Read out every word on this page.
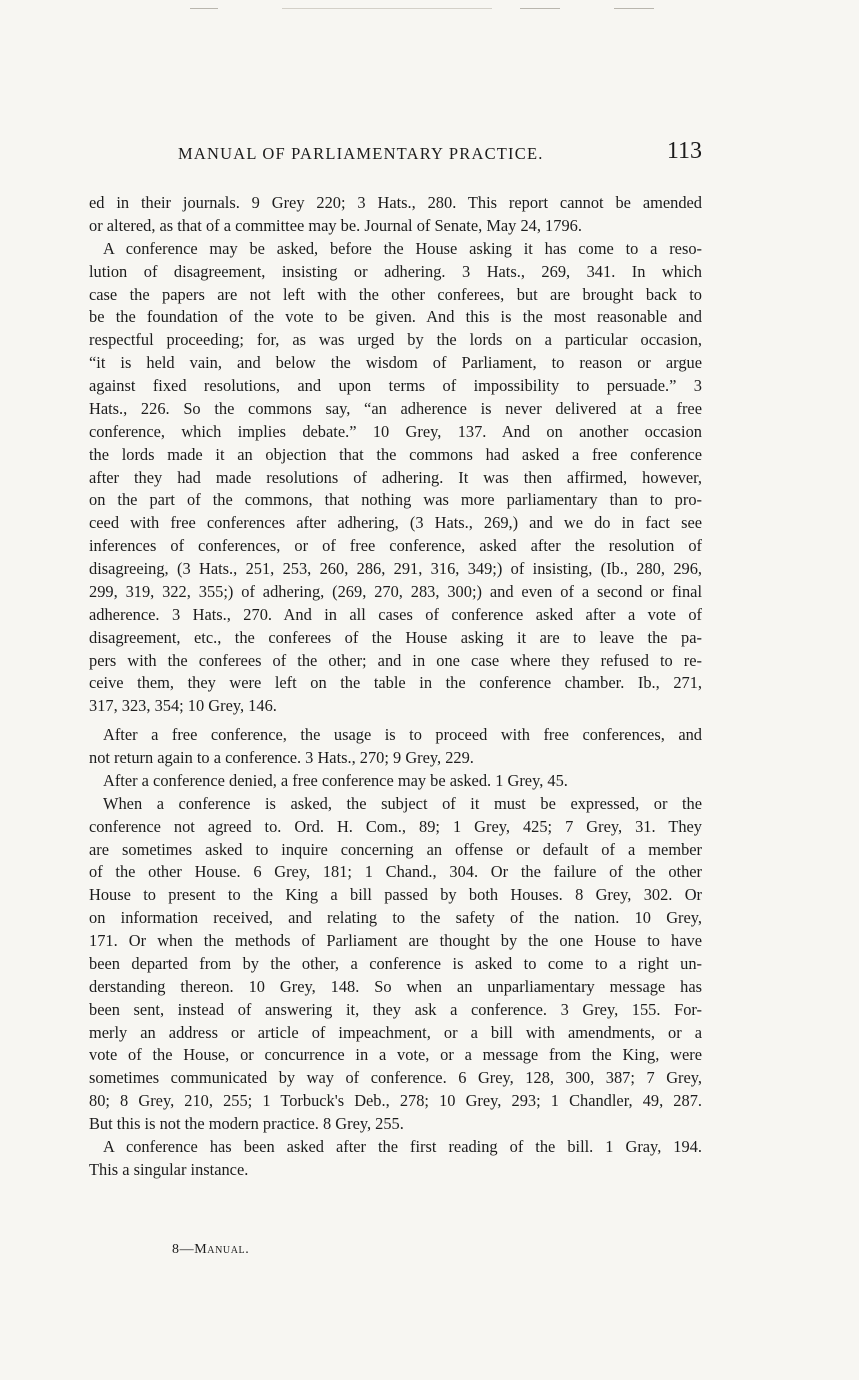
MANUAL OF PARLIAMENTARY PRACTICE.	113

ed in their journals. 9 Grey 220; 3 Hats., 280. This report cannot be amended
or altered, as that of a committee may be. Journal of Senate, May 24, 1796.

A conference may be asked, before the House asking it has come to a reso-
lution of disagreement, insisting or adhering. 3 Hats., 269, 341. In which
case the papers are not left with the other conferees, but are brought back to
be the foundation of the vote to be given. And this is the most reasonable and
respectful proceeding; for, as was urged by the lords on a particular occasion,
“it is held vain, and below the wisdom of Parliament, to reason or argue
against fixed resolutions, and upon terms of impossibility to persuade.” 3
Hats., 226. So the commons say, “an adherence is never delivered at a free
conference, which implies debate.” 10 Grey, 137. And on another occasion
the lords made it an objection that the commons had asked a free conference
after they had made resolutions of adhering. It was then affirmed, however,
on the part of the commons, that nothing was more parliamentary than to pro-
ceed with free conferences after adhering, (3 Hats., 269,) and we do in fact see
inferences of conferences, or of free conference, asked after the resolution of
disagreeing, (3 Hats., 251, 253, 260, 286, 291, 316, 349;) of insisting, (Ib., 280, 296,
299, 319, 322, 355;) of adhering, (269, 270, 283, 300;) and even of a second or final
adherence. 3 Hats., 270. And in all cases of conference asked after a vote of
disagreement, etc., the conferees of the House asking it are to leave the pa-
pers with the conferees of the other; and in one case where they refused to re-
ceive them, they were left on the table in the conference chamber. Ib., 271,
317, 323, 354; 10 Grey, 146.

After a free conference, the usage is to proceed with free conferences, and
not return again to a conference. 3 Hats., 270; 9 Grey, 229.

After a conference denied, a free conference may be asked. 1 Grey, 45.

When a conference is asked, the subject of it must be expressed, or the
conference not agreed to. Ord. H. Com., 89; 1 Grey, 425; 7 Grey, 31. They
are sometimes asked to inquire concerning an offense or default of a member
of the other House. 6 Grey, 181; 1 Chand., 304. Or the failure of the other
House to present to the King a bill passed by both Houses. 8 Grey, 302. Or
on information received, and relating to the safety of the nation. 10 Grey,
171. Or when the methods of Parliament are thought by the one House to have
been departed from by the other, a conference is asked to come to a right un-
derstanding thereon. 10 Grey, 148. So when an unparliamentary message has
been sent, instead of answering it, they ask a conference. 3 Grey, 155. For-
merly an address or article of impeachment, or a bill with amendments, or a
vote of the House, or concurrence in a vote, or a message from the King, were
sometimes communicated by way of conference. 6 Grey, 128, 300, 387; 7 Grey,
80; 8 Grey, 210, 255; 1 Torbuck's Deb., 278; 10 Grey, 293; 1 Chandler, 49, 287.
But this is not the modern practice. 8 Grey, 255.

A conference has been asked after the first reading of the bill. 1 Gray, 194.
This a singular instance.

8—Manual.
